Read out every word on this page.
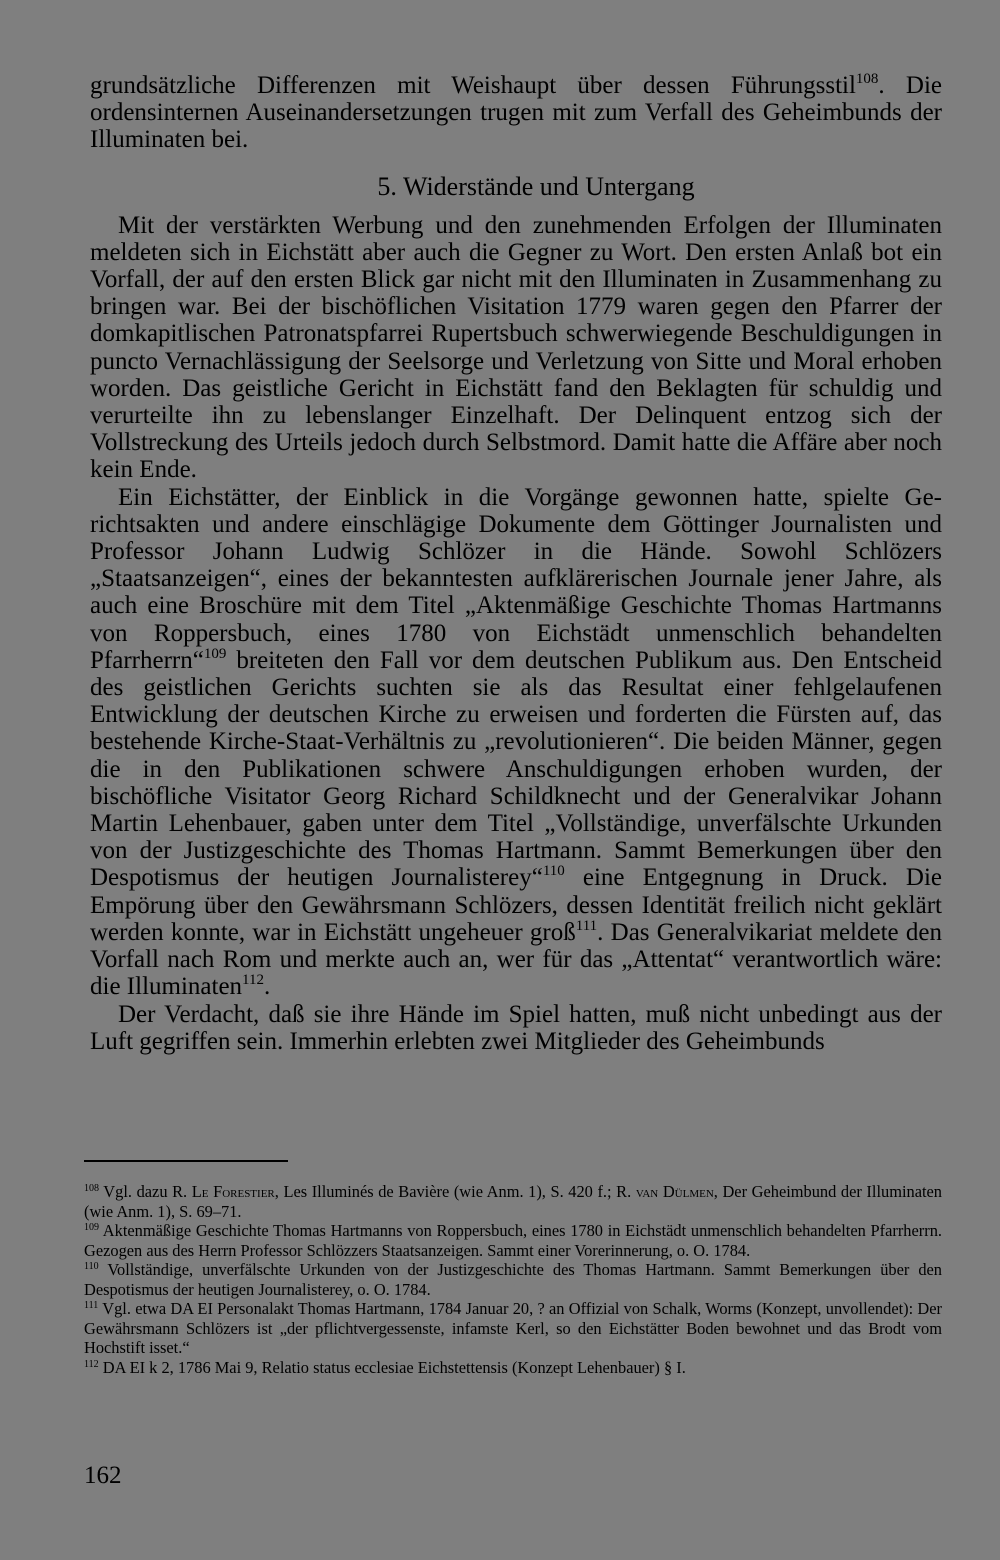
grundsätzliche Differenzen mit Weishaupt über dessen Führungsstil$^{108}$. Die ordensinternen Auseinandersetzungen trugen mit zum Verfall des Geheimbunds der Illuminaten bei.

5. Widerstände und Untergang

Mit der verstärkten Werbung und den zunehmenden Erfolgen der Illuminaten meldeten sich in Eichstätt aber auch die Gegner zu Wort. Den ersten Anlaß bot ein Vorfall, der auf den ersten Blick gar nicht mit den Illuminaten in Zusammenhang zu bringen war. Bei der bischöflichen Visitation 1779 waren gegen den Pfarrer der domkapitlischen Patronatspfarrei Rupertsbuch schwerwiegende Beschuldigungen in puncto Vernachlässigung der Seelsorge und Verletzung von Sitte und Moral erhoben worden. Das geistliche Gericht in Eichstätt fand den Beklagten für schuldig und verurteilte ihn zu lebenslanger Einzelhaft. Der Delinquent entzog sich der Vollstreckung des Urteils jedoch durch Selbstmord. Damit hatte die Affäre aber noch kein Ende.

Ein Eichstätter, der Einblick in die Vorgänge gewonnen hatte, spielte Gerichtsakten und andere einschlägige Dokumente dem Göttinger Journalisten und Professor Johann Ludwig Schlözer in die Hände. Sowohl Schlözers „Staatsanzeigen“, eines der bekanntesten aufklärerischen Journale jener Jahre, als auch eine Broschüre mit dem Titel „Aktenmäßige Geschichte Thomas Hartmanns von Roppersbuch, eines 1780 von Eichstädt unmenschlich behandelten Pfarrherrn“$^{109}$ breiteten den Fall vor dem deutschen Publikum aus. Den Entscheid des geistlichen Gerichts suchten sie als das Resultat einer fehlgelaufenen Entwicklung der deutschen Kirche zu erweisen und forderten die Fürsten auf, das bestehende Kirche-Staat-Verhältnis zu „revolutionieren“. Die beiden Männer, gegen die in den Publikationen schwere Anschuldigungen erhoben wurden, der bischöfliche Visitator Georg Richard Schildknecht und der Generalvikar Johann Martin Lehenbauer, gaben unter dem Titel „Vollständige, unverfälschte Urkunden von der Justizgeschichte des Thomas Hartmann. Sammt Bemerkungen über den Despotismus der heutigen Journalisterey“$^{110}$ eine Entgegnung in Druck. Die Empörung über den Gewährsmann Schlözers, dessen Identität freilich nicht geklärt werden konnte, war in Eichstätt ungeheuer groß$^{111}$. Das Generalvikariat meldete den Vorfall nach Rom und merkte auch an, wer für das „Attentat“ verantwortlich wäre: die Illuminaten$^{112}$.

Der Verdacht, daß sie ihre Hände im Spiel hatten, muß nicht unbedingt aus der Luft gegriffen sein. Immerhin erlebten zwei Mitglieder des Geheimbunds

$^{108}$ Vgl. dazu R. Le Forestier, Les Illuminés de Bavière (wie Anm. 1), S. 420 f.; R. van Dülmen, Der Geheimbund der Illuminaten (wie Anm. 1), S. 69–71.

$^{109}$ Aktenmäßige Geschichte Thomas Hartmanns von Roppersbuch, eines 1780 in Eichstädt unmenschlich behandelten Pfarrherrn. Gezogen aus des Herrn Professor Schlözzers Staatsanzeigen. Sammt einer Vorerinnerung, o. O. 1784.

$^{110}$ Vollständige, unverfälschte Urkunden von der Justizgeschichte des Thomas Hartmann. Sammt Bemerkungen über den Despotismus der heutigen Journalisterey, o. O. 1784.

$^{111}$ Vgl. etwa DA EI Personalakt Thomas Hartmann, 1784 Januar 20, ? an Offizial von Schalk, Worms (Konzept, unvollendet): Der Gewährsmann Schlözers ist „der pflichtvergessenste, infamste Kerl, so den Eichstätter Boden bewohnet und das Brodt vom Hochstift isset.“

$^{112}$ DA EI k 2, 1786 Mai 9, Relatio status ecclesiae Eichstettensis (Konzept Lehenbauer) § I.

162
